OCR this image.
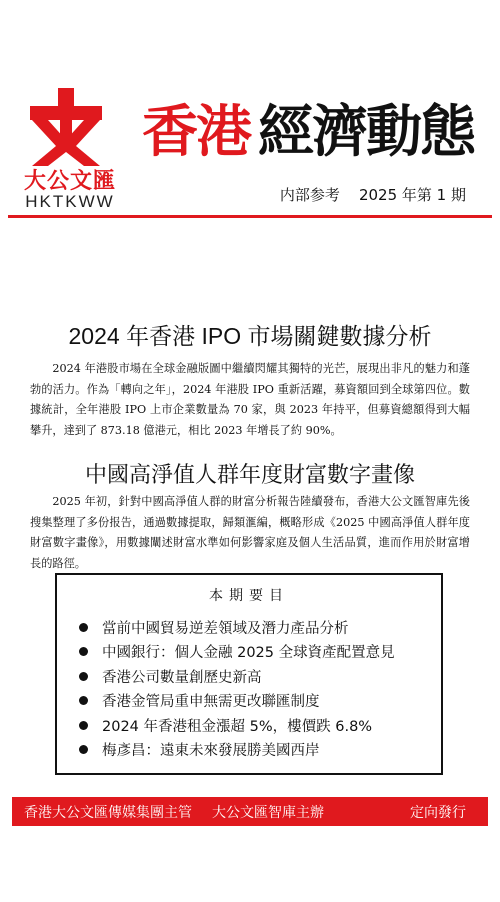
大公文匯
HKTKWW
香港 經濟動態
内部参考    2025 年第 1 期
2024 年香港 IPO 市場關鍵數據分析

2024 年港股市場在全球金融版圖中繼續閃耀其獨特的光芒，展現出非凡的魅力和蓬勃的活力。作為「轉向之年」，2024 年港股 IPO 重新活躍，募資額回到全球第四位。數據統計，全年港股 IPO 上市企業數量為 70 家，與 2023 年持平，但募資總額得到大幅攀升，達到了 873.18 億港元，相比 2023 年增長了約 90%。

中國高淨值人群年度財富數字畫像

2025 年初，針對中國高淨值人群的財富分析報告陸續發布，香港大公文匯智庫先後搜集整理了多份报告，通過數據提取，歸類滙編，概略形成《2025 中國高淨值人群年度財富數字畫像》，用數據闡述財富水準如何影響家庭及個人生活品質，進而作用於財富增長的路徑。

本期要目
當前中國貿易逆差領域及潛力產品分析
中國銀行：個人金融 2025 全球資產配置意見
香港公司數量創歷史新高
香港金管局重申無需更改聯匯制度
2024 年香港租金漲超 5%，樓價跌 6.8%
梅彥昌：遠東未來發展勝美國西岸
香港大公文匯傳媒集團主管 大公文匯智庫主辦	定向發行
